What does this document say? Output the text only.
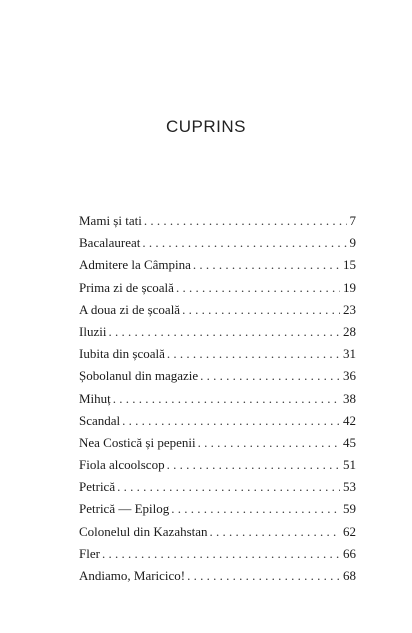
CUPRINS
Mami și tati . . .	7
Bacalaureat . . .	9
Admitere la Câmpina . . .	15
Prima zi de școală . . .	19
A doua zi de școală . . .	23
Iluzii . . .	28
Iubita din școală . . .	31
Șobolanul din magazie . . .	36
Mihuț . . .	38
Scandal . . .	42
Nea Costică și pepenii . . .	45
Fiola alcoolscop . . .	51
Petrică . . .	53
Petrică — Epilog . . .	59
Colonelul din Kazahstan . . .	62
Fler . . .	66
Andiamo, Maricico! . . .	68
